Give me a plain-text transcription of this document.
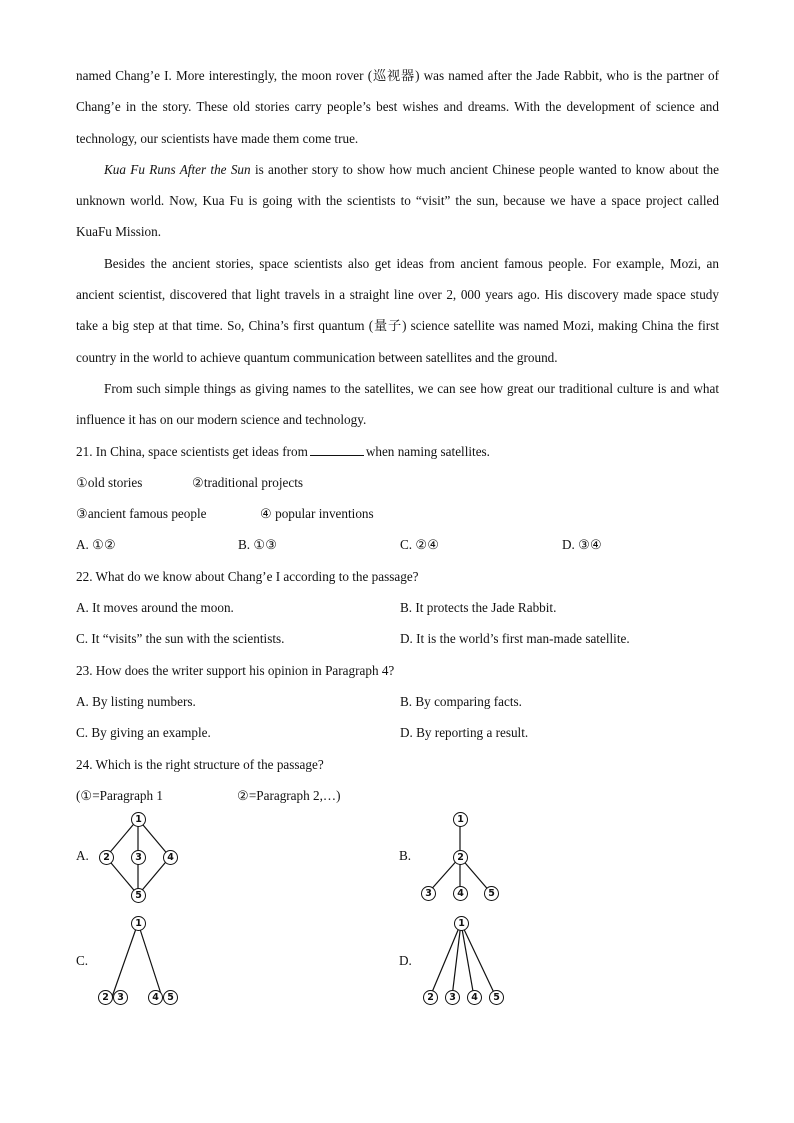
named Chang’e I. More interestingly, the moon rover (巡视器) was named after the Jade Rabbit, who is the partner of Chang’e in the story. These old stories carry people’s best wishes and dreams. With the development of science and technology, our scientists have made them come true.

Kua Fu Runs After the Sun is another story to show how much ancient Chinese people wanted to know about the unknown world. Now, Kua Fu is going with the scientists to “visit” the sun, because we have a space project called KuaFu Mission.

Besides the ancient stories, space scientists also get ideas from ancient famous people. For example, Mozi, an ancient scientist, discovered that light travels in a straight line over 2, 000 years ago. His discovery made space study take a big step at that time. So, China’s first quantum (量子) science satellite was named Mozi, making China the first country in the world to achieve quantum communication between satellites and the ground.

From such simple things as giving names to the satellites, we can see how great our traditional culture is and what influence it has on our modern science and technology.

21. In China, space scientists get ideas from	when naming satellites.
①old stories	②traditional projects
③ancient famous people	④ popular inventions
A. ①②	B. ①③	C. ②④	D. ③④
22. What do we know about Chang’e I according to the passage?
A. It moves around the moon.	B. It protects the Jade Rabbit.
C. It “visits” the sun with the scientists.	D. It is the world’s first man-made satellite.
23. How does the writer support his opinion in Paragraph 4?
A. By listing numbers.	B. By comparing facts.
C. By giving an example.	D. By reporting a result.
24. Which is the right structure of the passage?
(①=Paragraph 1	②=Paragraph 2,…)
A.	B.
C.	D.
1
2	3	4
5
1
2
3	4	5
1
2 3	4 5
1
2	3	4	5
